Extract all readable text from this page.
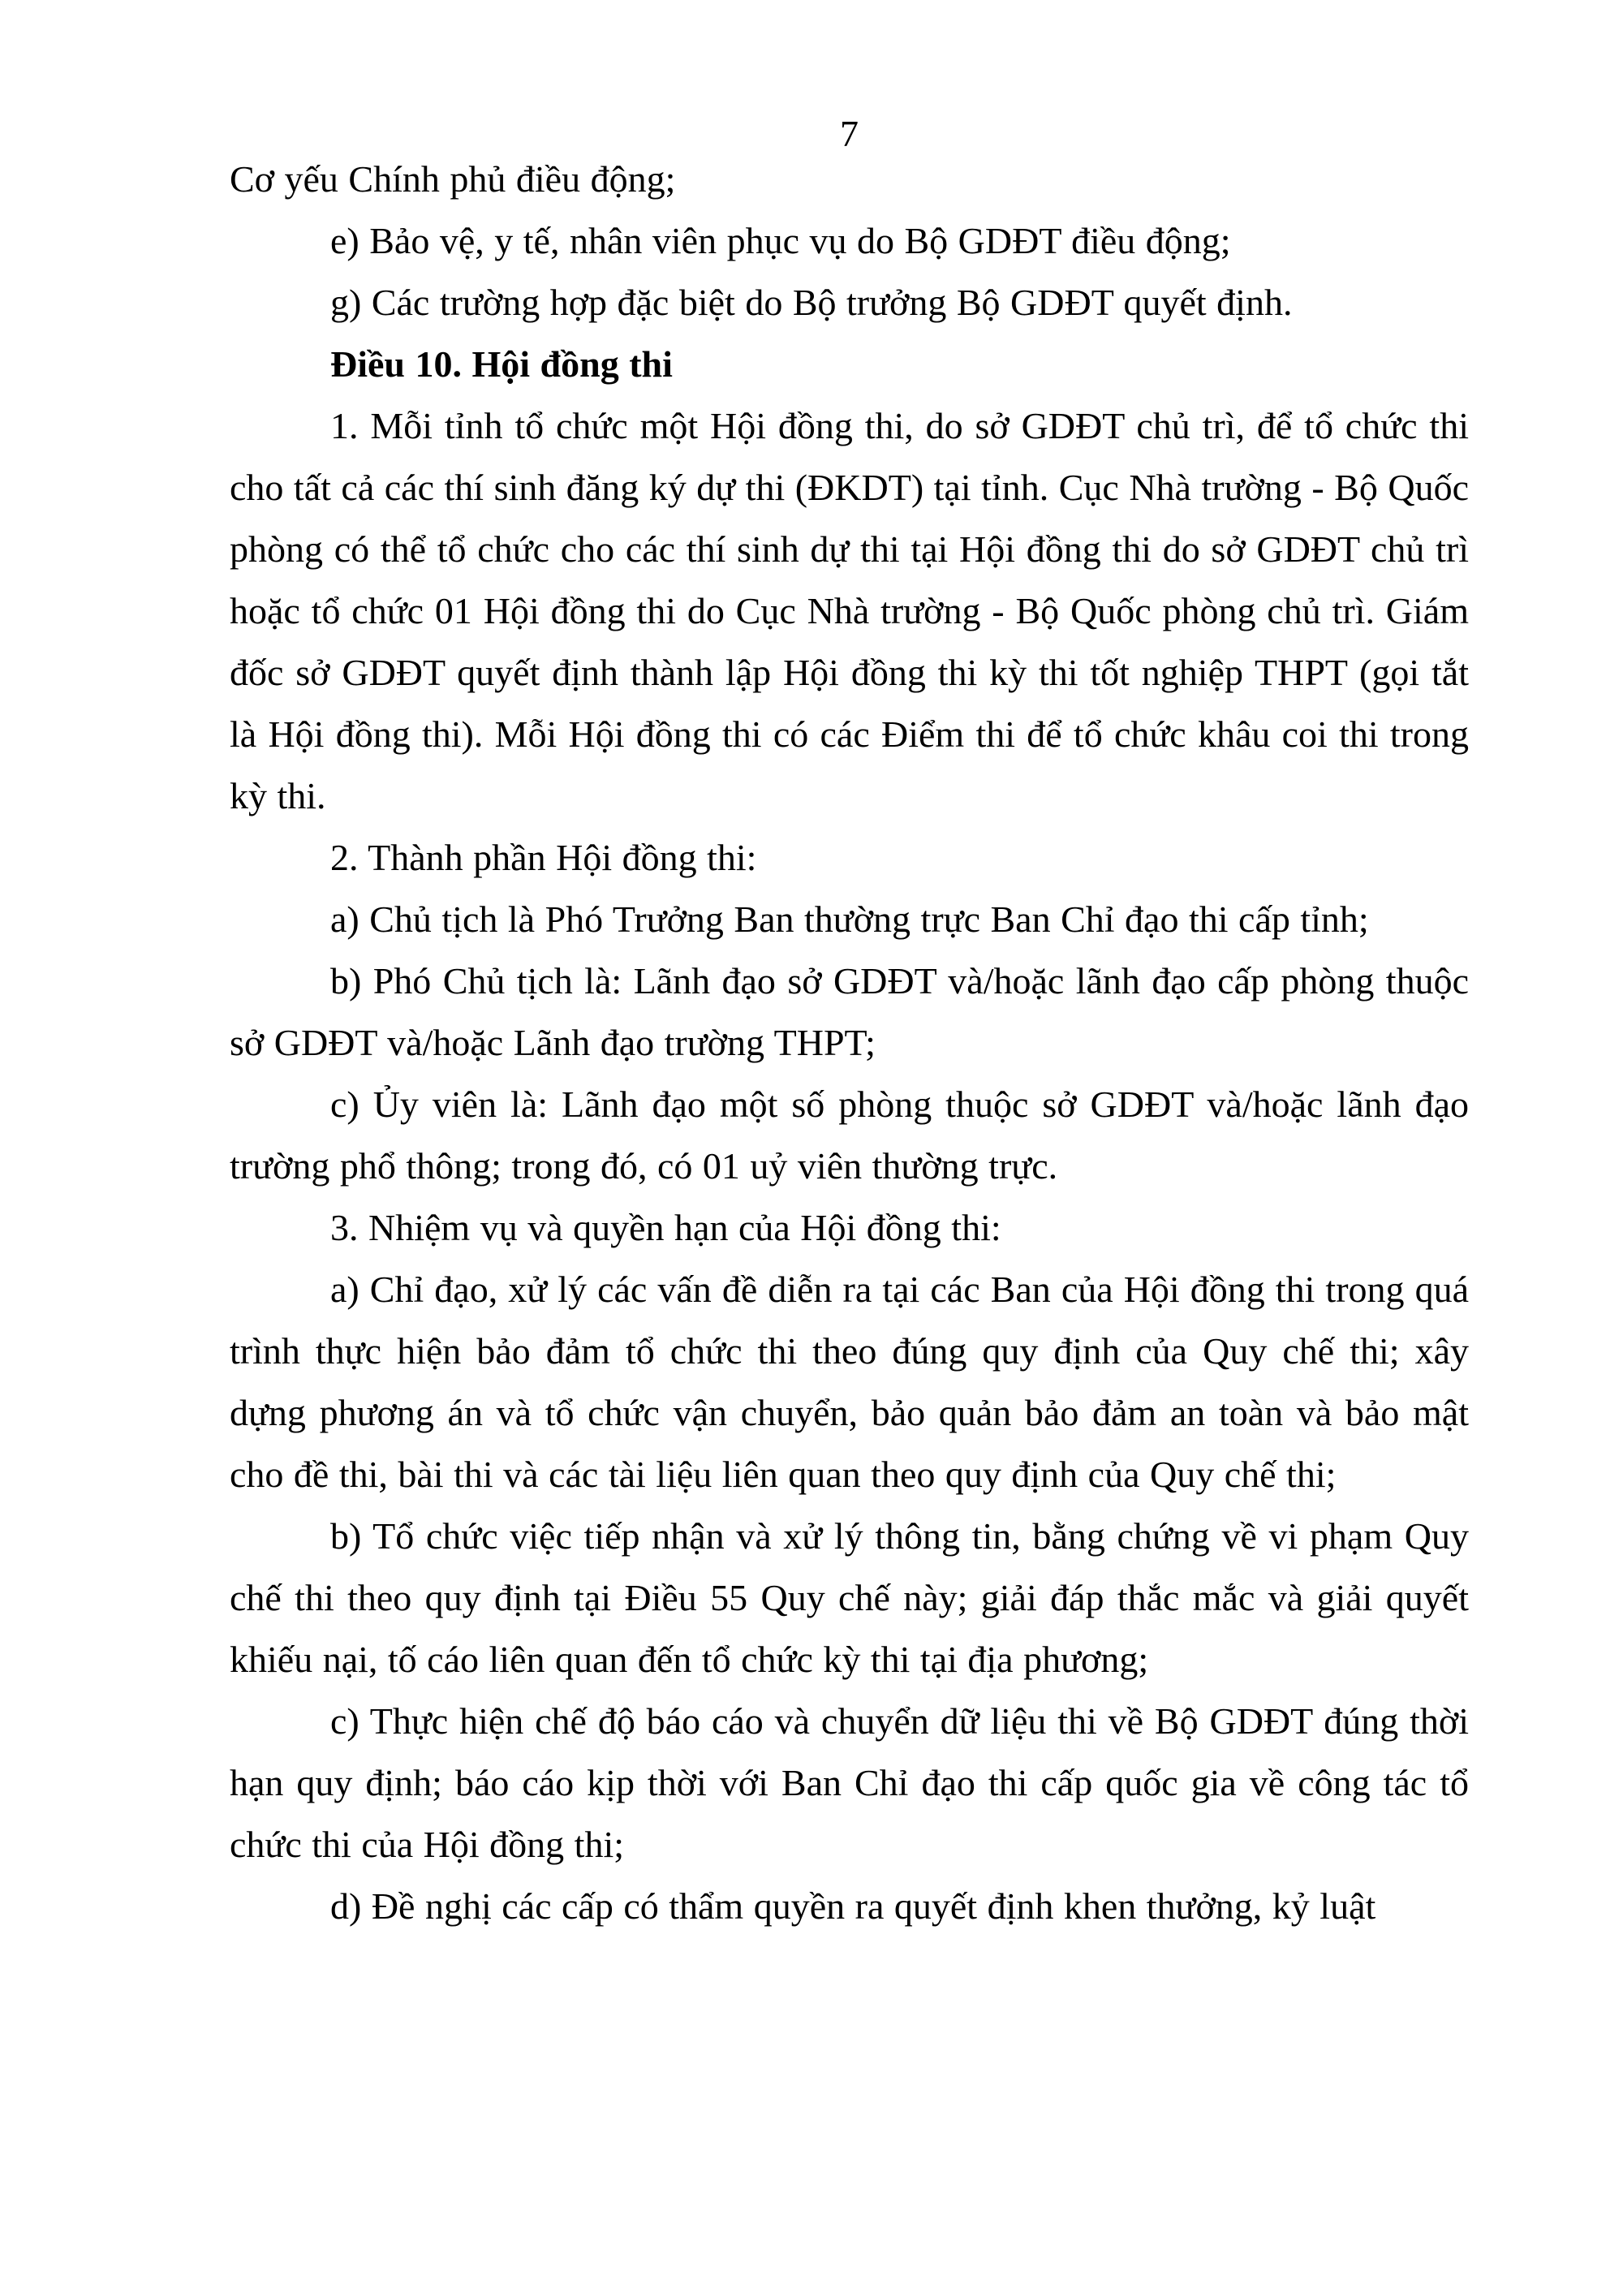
7

Cơ yếu Chính phủ điều động;

e) Bảo vệ, y tế, nhân viên phục vụ do Bộ GDĐT điều động;

g) Các trường hợp đặc biệt do Bộ trưởng Bộ GDĐT quyết định.

Điều 10. Hội đồng thi

1. Mỗi tỉnh tổ chức một Hội đồng thi, do sở GDĐT chủ trì, để tổ chức thi cho tất cả các thí sinh đăng ký dự thi (ĐKDT) tại tỉnh. Cục Nhà trường - Bộ Quốc phòng có thể tổ chức cho các thí sinh dự thi tại Hội đồng thi do sở GDĐT chủ trì hoặc tổ chức 01 Hội đồng thi do Cục Nhà trường - Bộ Quốc phòng chủ trì. Giám đốc sở GDĐT quyết định thành lập Hội đồng thi kỳ thi tốt nghiệp THPT (gọi tắt là Hội đồng thi). Mỗi Hội đồng thi có các Điểm thi để tổ chức khâu coi thi trong kỳ thi.

2. Thành phần Hội đồng thi:

a) Chủ tịch là Phó Trưởng Ban thường trực Ban Chỉ đạo thi cấp tỉnh;

b) Phó Chủ tịch là: Lãnh đạo sở GDĐT và/hoặc lãnh đạo cấp phòng thuộc sở GDĐT và/hoặc Lãnh đạo trường THPT;

c) Ủy viên là: Lãnh đạo một số phòng thuộc sở GDĐT và/hoặc lãnh đạo trường phổ thông; trong đó, có 01 uỷ viên thường trực.

3. Nhiệm vụ và quyền hạn của Hội đồng thi:

a) Chỉ đạo, xử lý các vấn đề diễn ra tại các Ban của Hội đồng thi trong quá trình thực hiện bảo đảm tổ chức thi theo đúng quy định của Quy chế thi; xây dựng phương án và tổ chức vận chuyển, bảo quản bảo đảm an toàn và bảo mật cho đề thi, bài thi và các tài liệu liên quan theo quy định của Quy chế thi;

b) Tổ chức việc tiếp nhận và xử lý thông tin, bằng chứng về vi phạm Quy chế thi theo quy định tại Điều 55 Quy chế này; giải đáp thắc mắc và giải quyết khiếu nại, tố cáo liên quan đến tổ chức kỳ thi tại địa phương;

c) Thực hiện chế độ báo cáo và chuyển dữ liệu thi về Bộ GDĐT đúng thời hạn quy định; báo cáo kịp thời với Ban Chỉ đạo thi cấp quốc gia về công tác tổ chức thi của Hội đồng thi;

d) Đề nghị các cấp có thẩm quyền ra quyết định khen thưởng, kỷ luật
